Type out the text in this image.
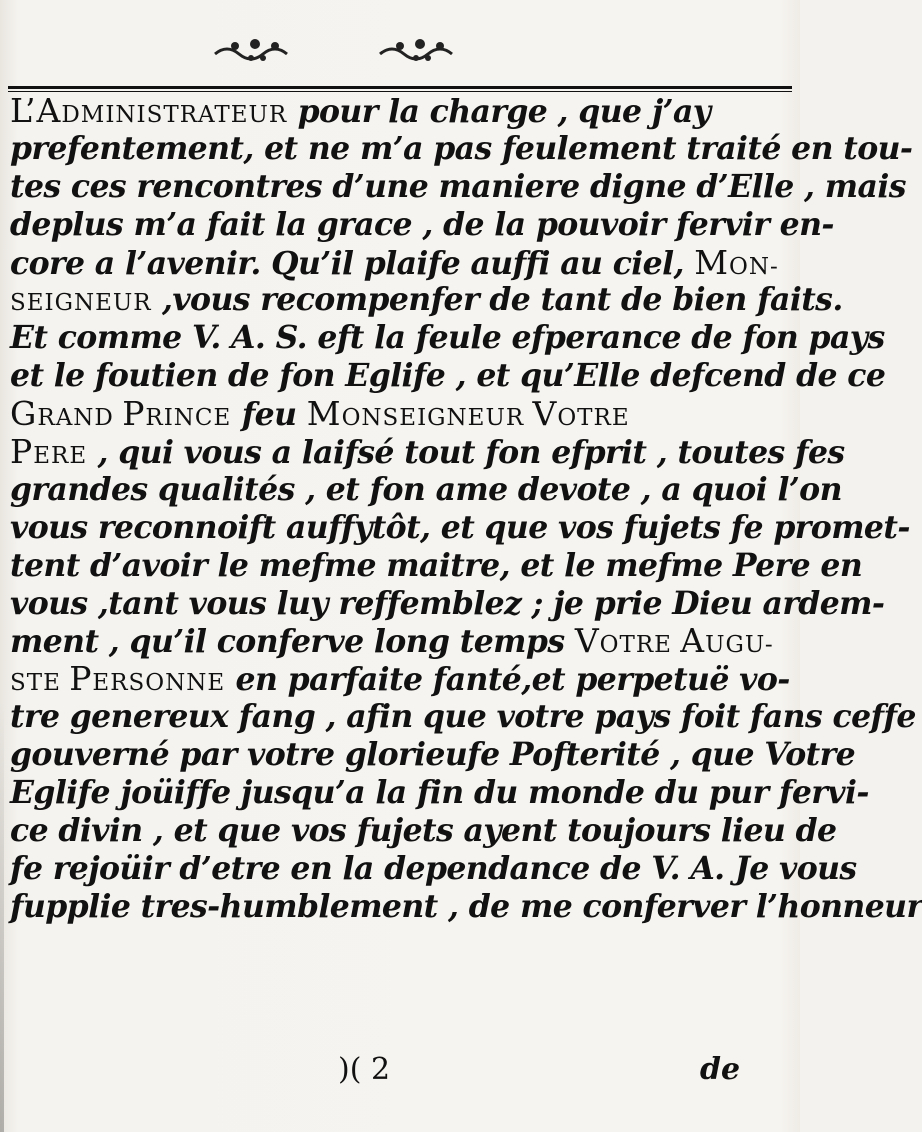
L’ADMINISTRATEUR pour la charge , que j’ay
prefentement, et ne m’a pas feulement traité en tou-
tes ces rencontres d’une maniere digne d’Elle , mais
deplus m’a fait la grace , de la pouvoir fervir en-
core a l’avenir. Qu’il plaife auffi au ciel, MON-
SEIGNEUR ,vous recompenfer de tant de bien faits.
Et comme V. A. S. eft la feule efperance de fon pays
et le foutien de fon Eglife , et qu’Elle defcend de ce
GRAND PRINCE feu MONSEIGNEUR VOTRE
PERE , qui vous a laifsé tout fon efprit , toutes fes
grandes qualités , et fon ame devote , a quoi l’on
vous reconnoift auffytôt, et que vos fujets fe promet-
tent d’avoir le mefme maitre, et le mefme Pere en
vous ,tant vous luy reffemblez ; je prie Dieu ardem-
ment , qu’il conferve long temps VOTRE AUGU-
STE PERSONNE en parfaite fanté,et perpetuë vo-
tre genereux fang , afin que votre pays foit fans ceffe
gouverné par votre glorieufe Pofterité , que Votre
Eglife joüiffe jusqu’a la fin du monde du pur fervi-
ce divin , et que vos fujets ayent toujours lieu de
fe rejoüir d’etre en la dependance de V. A. Je vous
fupplie tres-humblement , de me conferver l’honneur
)( 2	de
